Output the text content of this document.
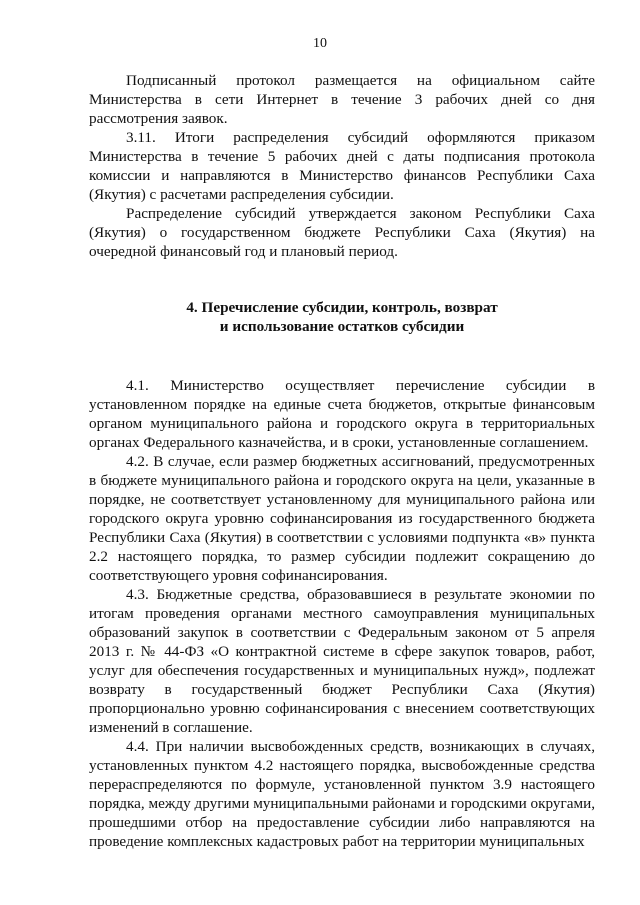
10

Подписанный протокол размещается на официальном сайте Министерства в сети Интернет в течение 3 рабочих дней со дня рассмотрения заявок.

3.11. Итоги распределения субсидий оформляются приказом Министерства в течение 5 рабочих дней с даты подписания протокола комиссии и направляются в Министерство финансов Республики Саха (Якутия) с расчетами распределения субсидии.

Распределение субсидий утверждается законом Республики Саха (Якутия) о государственном бюджете Республики Саха (Якутия) на очередной финансовый год и плановый период.

4. Перечисление субсидии, контроль, возврат
и использование остатков субсидии

4.1. Министерство осуществляет перечисление субсидии в установленном порядке на единые счета бюджетов, открытые финансовым органом муниципального района и городского округа в территориальных органах Федерального казначейства, и в сроки, установленные соглашением.

4.2. В случае, если размер бюджетных ассигнований, предусмотренных в бюджете муниципального района и городского округа на цели, указанные в порядке, не соответствует установленному для муниципального района или городского округа уровню софинансирования из государственного бюджета Республики Саха (Якутия) в соответствии с условиями подпункта «в» пункта 2.2 настоящего порядка, то размер субсидии подлежит сокращению до соответствующего уровня софинансирования.

4.3. Бюджетные средства, образовавшиеся в результате экономии по итогам проведения органами местного самоуправления муниципальных образований закупок в соответствии с Федеральным законом от 5 апреля 2013 г. № 44-ФЗ «О контрактной системе в сфере закупок товаров, работ, услуг для обеспечения государственных и муниципальных нужд», подлежат возврату в государственный бюджет Республики Саха (Якутия) пропорционально уровню софинансирования с внесением соответствующих изменений в соглашение.

4.4. При наличии высвобожденных средств, возникающих в случаях, установленных пунктом 4.2 настоящего порядка, высвобожденные средства перераспределяются по формуле, установленной пунктом 3.9 настоящего порядка, между другими муниципальными районами и городскими округами, прошедшими отбор на предоставление субсидии либо направляются на проведение комплексных кадастровых работ на территории муниципальных
